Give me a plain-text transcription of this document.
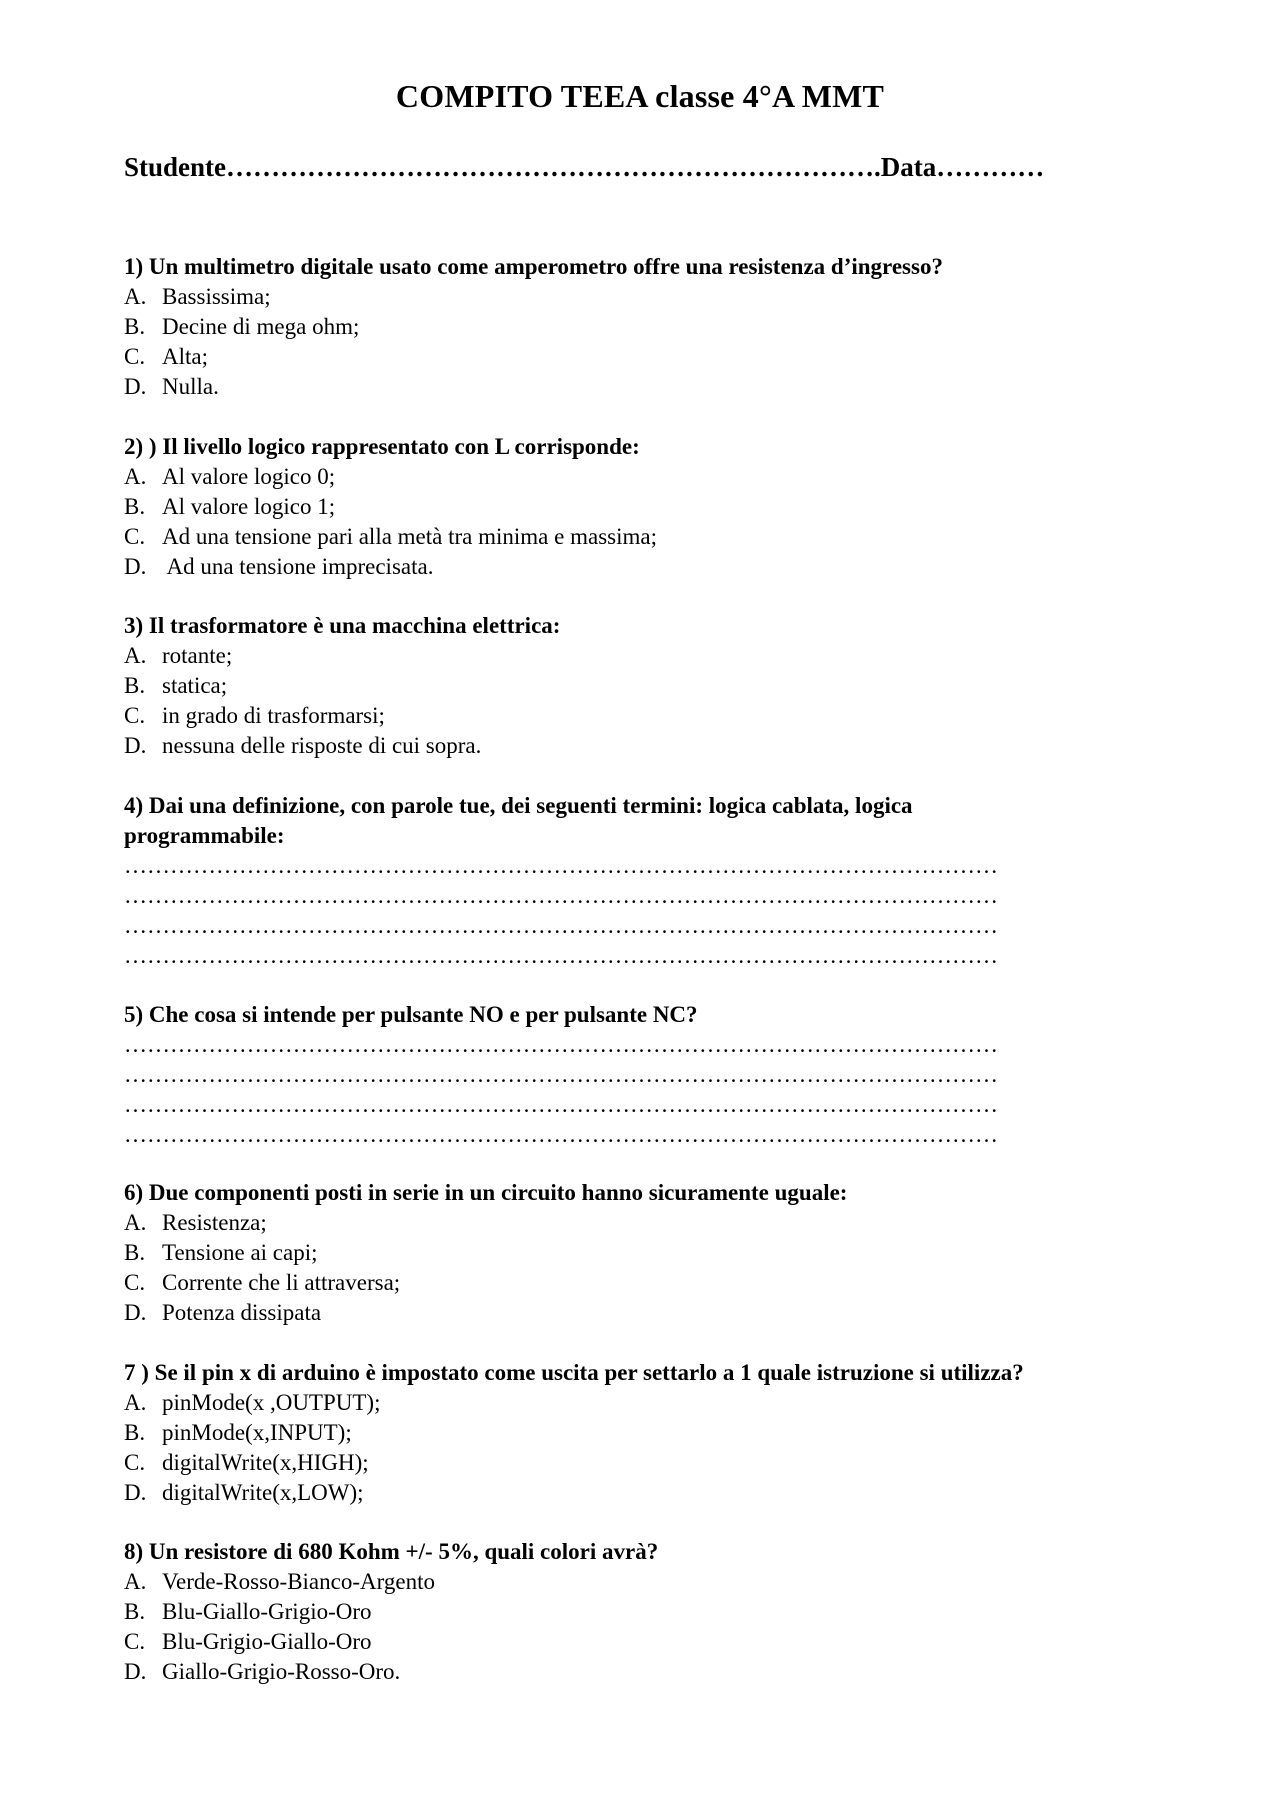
COMPITO TEEA classe 4°A MMT
Studente……………………………………………………………….Data…………
1) Un multimetro digitale usato come amperometro offre una resistenza d’ingresso?
A. Bassissima;
B. Decine di mega ohm;
C. Alta;
D. Nulla.
2) ) Il livello logico rappresentato con L corrisponde:
A. Al valore logico 0;
B. Al valore logico 1;
C. Ad una tensione pari alla metà tra minima e massima;
D. Ad una tensione imprecisata.
3) Il trasformatore è una macchina elettrica:
A. rotante;
B. statica;
C. in grado di trasformarsi;
D. nessuna delle risposte di cui sopra.
4) Dai una definizione, con parole tue, dei seguenti termini: logica cablata, logica programmabile:
……………………………………………………………………………………………………
……………………………………………………………………………………………………
……………………………………………………………………………………………………
……………………………………………………………………………………………………
5) Che cosa si intende per pulsante NO e per pulsante NC?
……………………………………………………………………………………………………
……………………………………………………………………………………………………
……………………………………………………………………………………………………
……………………………………………………………………………………………………
6) Due componenti posti in serie in un circuito hanno sicuramente uguale:
A. Resistenza;
B. Tensione ai capi;
C. Corrente che li attraversa;
D. Potenza dissipata
7 ) Se il pin x di arduino è impostato come uscita per settarlo a 1 quale istruzione si utilizza?
A. pinMode(x ,OUTPUT);
B. pinMode(x,INPUT);
C. digitalWrite(x,HIGH);
D. digitalWrite(x,LOW);
8) Un resistore di 680 Kohm +/- 5%, quali colori avrà?
A. Verde-Rosso-Bianco-Argento
B. Blu-Giallo-Grigio-Oro
C. Blu-Grigio-Giallo-Oro
D. Giallo-Grigio-Rosso-Oro.
